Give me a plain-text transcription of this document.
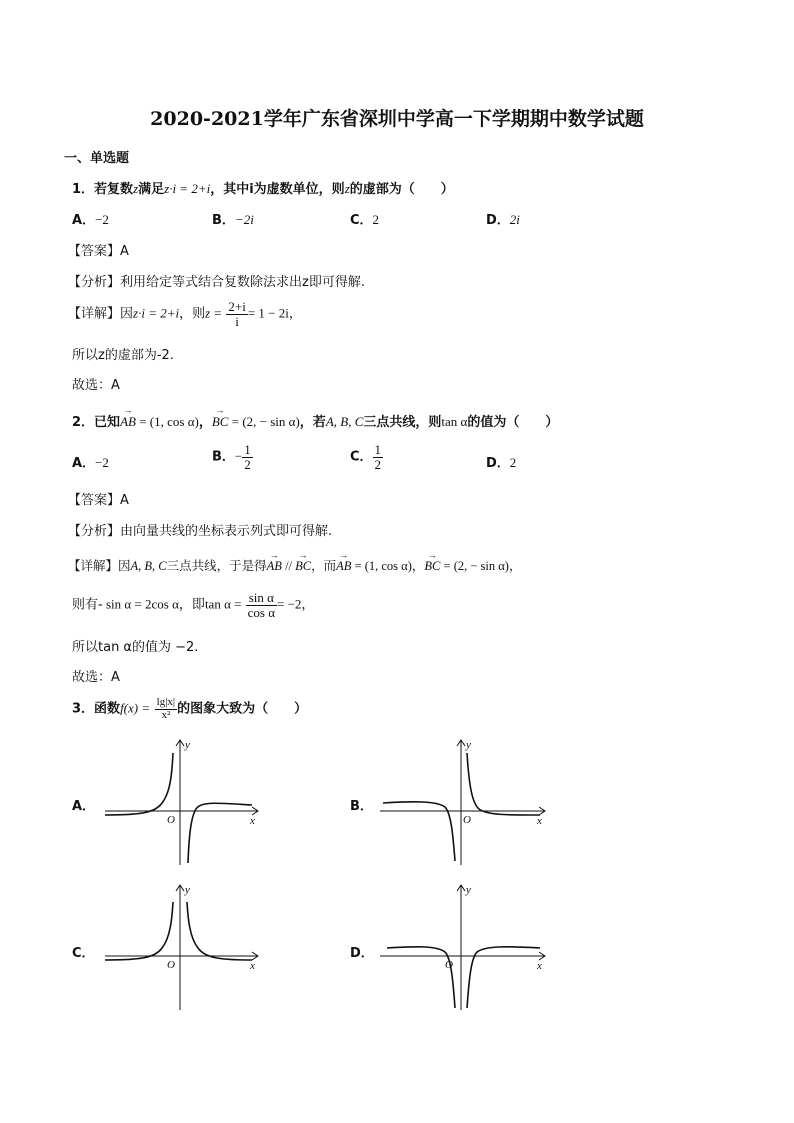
2020-2021学年广东省深圳中学高一下学期期中数学试题
一、单选题
1．若复数z满足z·i = 2+i，其中i为虚数单位，则z的虚部为（　　）
A．−2	B．−2i	C．2	D．2i
【答案】A
【分析】利用给定等式结合复数除法求出z即可得解.
【详解】因z·i = 2+i，则$z = \frac{2+i}{i} = 1 - 2i$，
所以z的虚部为-2.
故选：A
2．已知→ AB = (1, cos α)，→ BC = (2, − sin α)，若A, B, C三点共线，则tan α的值为（　　）
A．−2	B．− $\frac{1}{2}$	C． $\frac{1}{2}$	D．2
【答案】A
【分析】由向量共线的坐标表示列式即可得解.
【详解】因A, B, C三点共线，于是得→ AB // → BC，而→ AB = (1, cos α)，→ BC = (2, − sin α)，
则有- sin α = 2cos α，即$\tan \alpha = \frac{\text{sin α}}{\text{cos α}} = -2$，
所以tan α的值为 −2.
故选：A
3．函数$f(x) = \frac{\lg|x|}{\text{x²}}$ 的图象大致为（　　）
A．	B．
C．	D．
x
y
O	x
y
O
x
y
O	x
y
O
